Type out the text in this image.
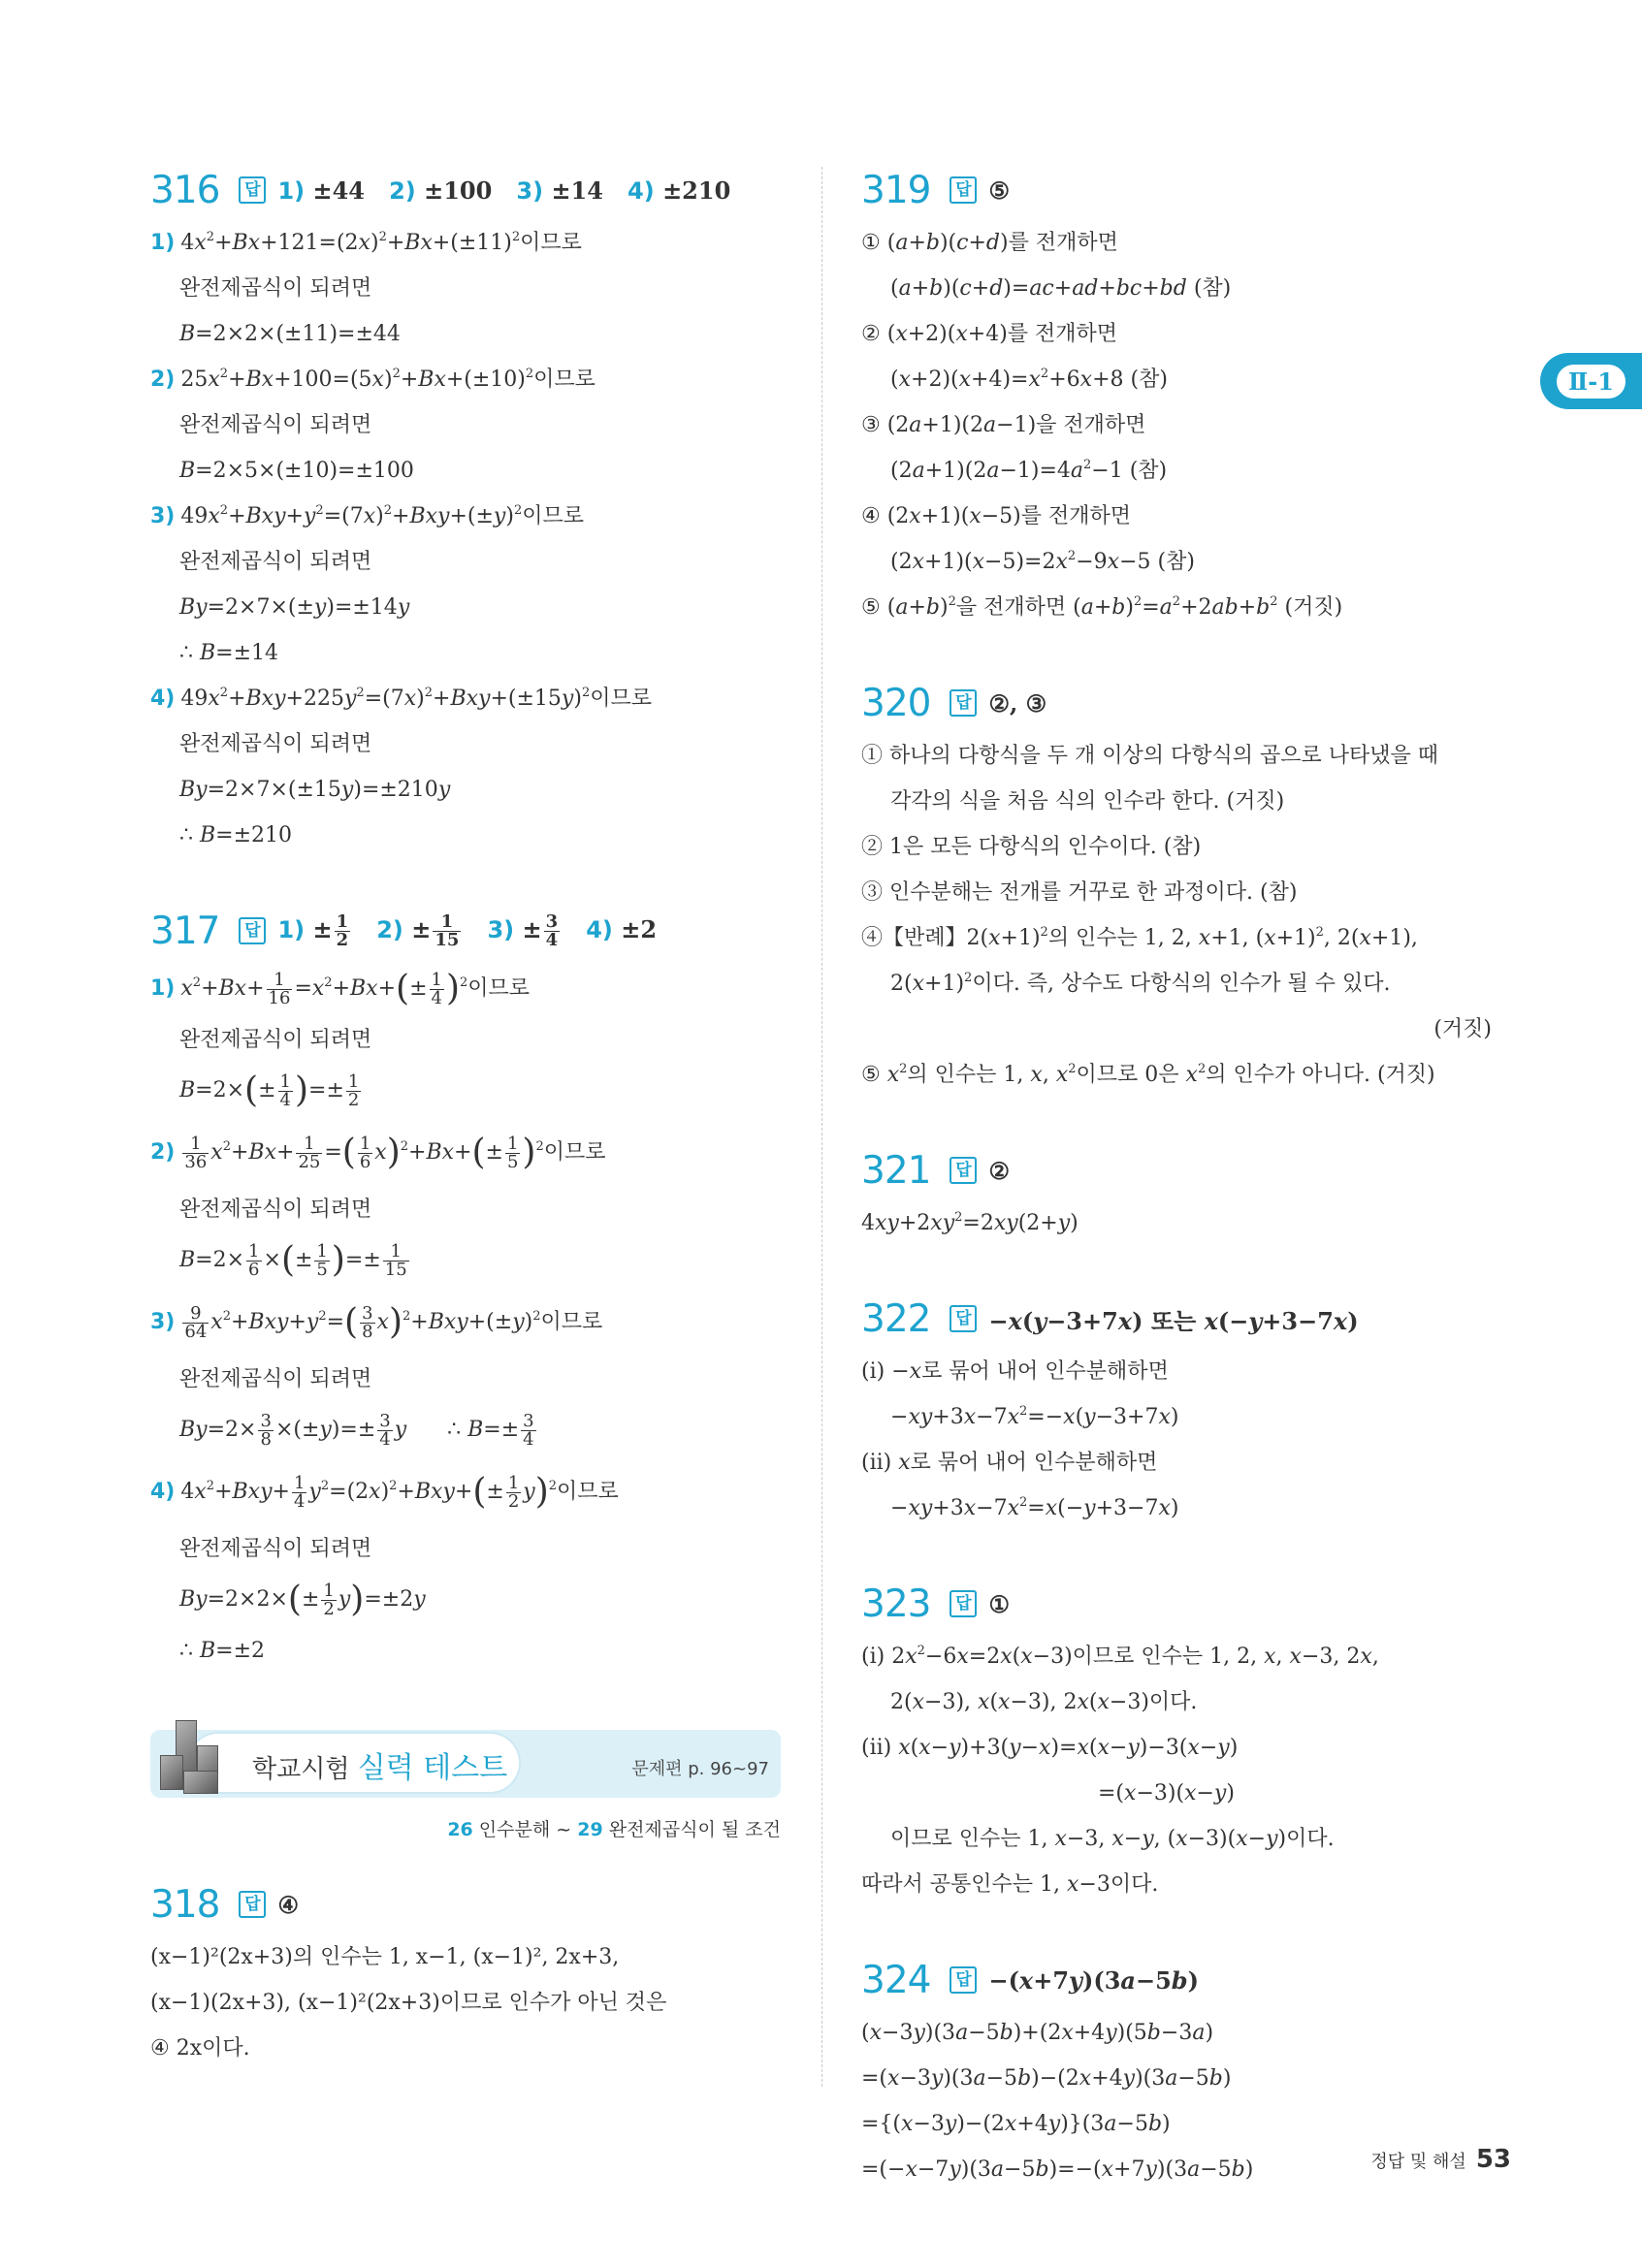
Ⅱ-1
316	답 1) ±44 2) ±100 3) ±14 4) ±210
1) $4x^2+Bx+121=(2x)^2+Bx+(\pm 11)^2$이므로
완전제곱식이 되려면
B=2×2×(±11)=±44
2) $25x^2+Bx+100=(5x)^2+Bx+(\pm 10)^2$이므로
완전제곱식이 되려면
B=2×5×(±10)=±100
3) $49x^2+Bxy+y^2=(7x)^2+Bxy+(\pm y)^2$이므로
완전제곱식이 되려면
By=2×7×(±y)=±14y
∴ B=±14
4) $49x^2+Bxy+225y^2=(7x)^2+Bxy+(\pm 15y)^2$이므로
완전제곱식이 되려면
By=2×7×(±15y)=±210y
∴ B=±210
317	답 $1) \pm \frac{1}{2} 2) \pm \frac{1}{15} 3) \pm \frac{3}{4} 4) \pm 2$
1) $x^2+Bx+ \frac{1}{16} =x^2+Bx+(\pm \frac{1}{4} )^2$이므로
완전제곱식이 되려면
$B=2\times(\pm \frac{1}{4}$ )=± $\frac{1}{2}$
$2) \frac{1}{36} x^2+Bx+ \frac{1}{25}$ =( $\frac{1}{6} x)^2+Bx+(\pm \frac{1}{5} )^2$이므로
완전제곱식이 되려면
$B=2\times \frac{1}{6}$ ×(± $\frac{1}{5}$ )=± $\frac{1}{15}$
$3) \frac{9}{64} x^2+Bxy+y^2=( \frac{3}{8} x)^2+Bxy+(\pm y)^2$이므로
완전제곱식이 되려면
$By=2\times \frac{3}{8} \times(\pm y)=\pm \frac{3}{4}$ y      ∴ $B=\pm \frac{3}{4}$
4) $4x^2+Bxy+ \frac{1}{4} y^2=(2x)^2+Bxy+(\pm \frac{1}{2} y)^2$이므로
완전제곱식이 되려면
$By=2\times 2\times(\pm \frac{1}{2} y)=\pm 2y$
∴ B=±2
학교시험 실력 테스트	문제편 p. 96~97
26 인수분해 ~ 29 완전제곱식이 될 조건
318	답 ④
(x−1)²(2x+3)의 인수는 1, x−1, (x−1)², 2x+3,
(x−1)(2x+3), (x−1)²(2x+3)이므로 인수가 아닌 것은
④ 2x이다.
319	답 ⑤
① (a+b)(c+d)를 전개하면
(a+b)(c+d)=ac+ad+bc+bd (참)
② (x+2)(x+4)를 전개하면
$(x+2)(x+4)=x^2+6x+8$ (참)
③ (2a+1)(2a−1)을 전개하면
$(2a+1)(2a-1)=4a^2-1$ (참)
④ (2x+1)(x−5)를 전개하면
$(2x+1)(x-5)=2x^2-9x-5$ (참)
⑤ $(a+b)^2$을 전개하면 $(a+b)^2=a^2+2ab+b^2$ (거짓)
320	답 ②, ③
① 하나의 다항식을 두 개 이상의 다항식의 곱으로 나타냈을 때
각각의 식을 처음 식의 인수라 한다. (거짓)
② 1은 모든 다항식의 인수이다. (참)
③ 인수분해는 전개를 거꾸로 한 과정이다. (참)
④【반례】$2(x+1)^2$의 인수는 1, 2, x+1, $(x+1)^2$, 2(x+1),
$2(x+1)^2$이다. 즉, 상수도 다항식의 인수가 될 수 있다.
(거짓)
⑤ $x^2$의 인수는 1, x, $x^2$이므로 0은 $x^2$의 인수가 아니다. (거짓)
321	답 ②
$4xy+2xy^2=2xy(2+y)$
322	답 −x(y−3+7x) 또는 x(−y+3−7x)
(ⅰ) −x로 묶어 내어 인수분해하면
$-xy+3x-7x^2=-x(y-3+7x)$
(ⅱ) x로 묶어 내어 인수분해하면
$-xy+3x-7x^2=x(-y+3-7x)$
323	답 ①
(ⅰ) $2x^2-6x=2x(x-3)$이므로 인수는 1, 2, x, x−3, 2x,
2(x−3), x(x−3), 2x(x−3)이다.
(ⅱ) x(x−y)+3(y−x)=x(x−y)−3(x−y)
=(x−3)(x−y)
이므로 인수는 1, x−3, x−y, (x−3)(x−y)이다.
따라서 공통인수는 1, x−3이다.
324	답 −(x+7y)(3a−5b)
(x−3y)(3a−5b)+(2x+4y)(5b−3a)
=(x−3y)(3a−5b)−(2x+4y)(3a−5b)
={(x−3y)−(2x+4y)}(3a−5b)
=(−x−7y)(3a−5b)=−(x+7y)(3a−5b)	정답 및 해설 53
